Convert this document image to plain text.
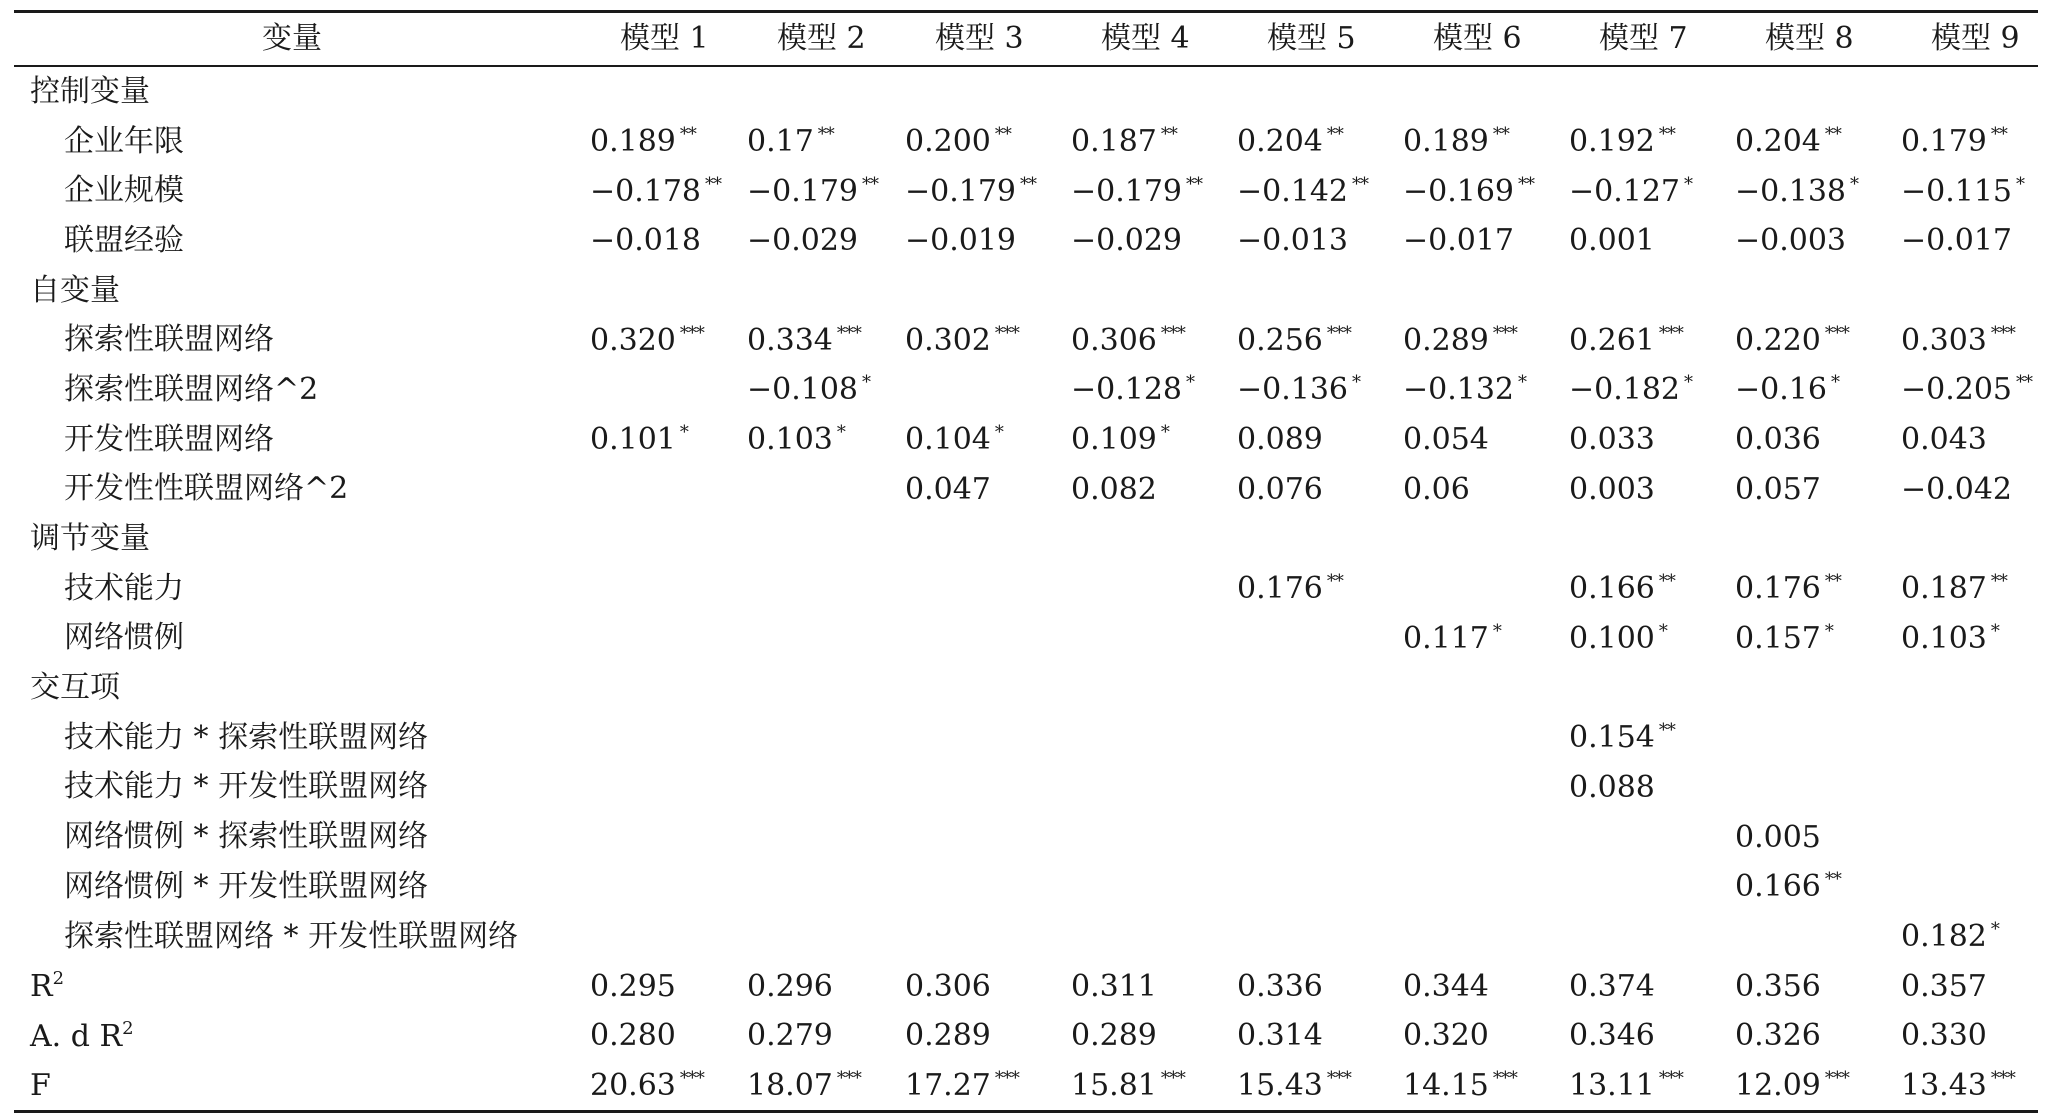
变量	模型 1	模型 2	模型 3	模型 4	模型 5	模型 6	模型 7	模型 8	模型 9
控制变量									
企业年限	0.189 **	0.17 **	0.200 **	0.187 **	0.204 **	0.189 **	0.192 **	0.204 **	0.179 **
企业规模	−0.178 **	−0.179 **	−0.179 **	−0.179 **	−0.142 **	−0.169 **	−0.127 *	−0.138 *	−0.115 *
联盟经验	−0.018	−0.029	−0.019	−0.029	−0.013	−0.017	0.001	−0.003	−0.017
自变量									
探索性联盟网络	0.320 ***	0.334 ***	0.302 ***	0.306 ***	0.256 ***	0.289 ***	0.261 ***	0.220 ***	0.303 ***
探索性联盟网络^2		−0.108 *		−0.128 *	−0.136 *	−0.132 *	−0.182 *	−0.16 *	−0.205 **
开发性联盟网络	0.101 *	0.103 *	0.104 *	0.109 *	0.089	0.054	0.033	0.036	0.043
开发性性联盟网络^2			0.047	0.082	0.076	0.06	0.003	0.057	−0.042
调节变量									
技术能力					0.176 **		0.166 **	0.176 **	0.187 **
网络惯例						0.117 *	0.100 *	0.157 *	0.103 *
交互项									
技术能力 * 探索性联盟网络							0.154 **		
技术能力 * 开发性联盟网络							0.088		
网络惯例 * 探索性联盟网络								0.005	
网络惯例 * 开发性联盟网络								0.166 **	
探索性联盟网络 * 开发性联盟网络									0.182 *
$R^2$	0.295	0.296	0.306	0.311	0.336	0.344	0.374	0.356	0.357
A. d $R^2$	0.280	0.279	0.289	0.289	0.314	0.320	0.346	0.326	0.330
F	20.63 ***	18.07 ***	17.27 ***	15.81 ***	15.43 ***	14.15 ***	13.11 ***	12.09 ***	13.43 ***
